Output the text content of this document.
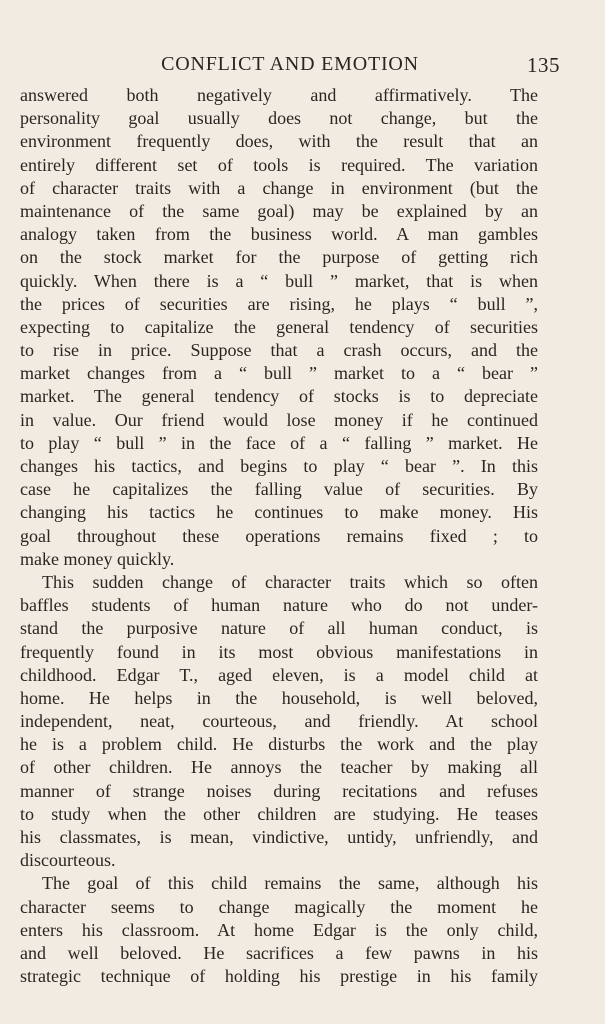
CONFLICT AND EMOTION	135
answered both negatively and affirmatively. The
personality goal usually does not change, but the
environment frequently does, with the result that an
entirely different set of tools is required. The variation
of character traits with a change in environment (but the
maintenance of the same goal) may be explained by an
analogy taken from the business world. A man gambles
on the stock market for the purpose of getting rich
quickly. When there is a “ bull ” market, that is when
the prices of securities are rising, he plays “ bull ”,
expecting to capitalize the general tendency of securities
to rise in price. Suppose that a crash occurs, and the
market changes from a “ bull ” market to a “ bear ”
market. The general tendency of stocks is to depreciate
in value. Our friend would lose money if he continued
to play “ bull ” in the face of a “ falling ” market. He
changes his tactics, and begins to play “ bear ”. In this
case he capitalizes the falling value of securities. By
changing his tactics he continues to make money. His
goal throughout these operations remains fixed ; to
make money quickly.
This sudden change of character traits which so often
baffles students of human nature who do not under-
stand the purposive nature of all human conduct, is
frequently found in its most obvious manifestations in
childhood. Edgar T., aged eleven, is a model child at
home. He helps in the household, is well beloved,
independent, neat, courteous, and friendly. At school
he is a problem child. He disturbs the work and the play
of other children. He annoys the teacher by making all
manner of strange noises during recitations and refuses
to study when the other children are studying. He teases
his classmates, is mean, vindictive, untidy, unfriendly, and
discourteous.
The goal of this child remains the same, although his
character seems to change magically the moment he
enters his classroom. At home Edgar is the only child,
and well beloved. He sacrifices a few pawns in his
strategic technique of holding his prestige in his family
